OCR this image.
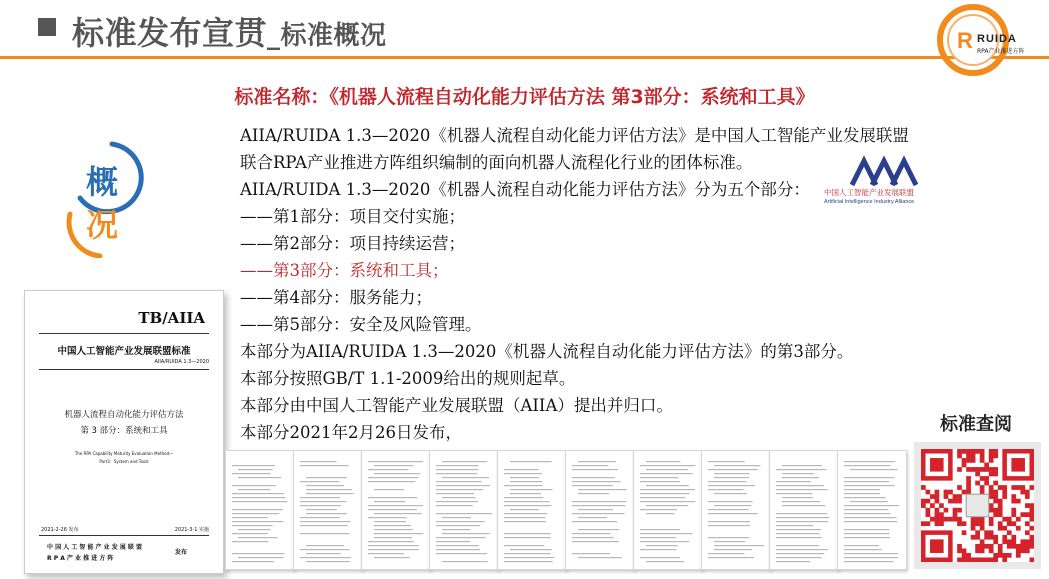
标准发布宣贯_标准概况	R RUIDA
RPA产业推进方阵
标准名称：《机器人流程自动化能力评估方法 第3部分：系统和工具》
概
况
AIIA/RUIDA 1.3—2020《机器人流程自动化能力评估方法》是中国人工智能产业发展联盟
联合RPA产业推进方阵组织编制的面向机器人流程化行业的团体标准。
AIIA/RUIDA 1.3—2020《机器人流程自动化能力评估方法》分为五个部分：
——第1部分：项目交付实施；
——第2部分：项目持续运营；
——第3部分：系统和工具；
——第4部分：服务能力；
——第5部分：安全及风险管理。
本部分为AIIA/RUIDA 1.3—2020《机器人流程自动化能力评估方法》的第3部分。
本部分按照GB/T 1.1-2009给出的规则起草。
本部分由中国人工智能产业发展联盟（AIIA）提出并归口。
本部分2021年2月26日发布，
中国人工智能产业发展联盟
Artificial Intelligence Industry Alliance
TB/AIIA
中国人工智能产业发展联盟标准
AIIA/RUIDA 1.3—2020
机器人流程自动化能力评估方法
第 3 部分：系统和工具
The RPA Capability Maturity Evaluation Method—
Part3：System and Tools
2021-2-26 发布	2021-3-1 实施
中 国 人 工 智 能 产 业 发 展 联 盟
R P A 产 业 推 进 方 阵
发布
标准查阅
